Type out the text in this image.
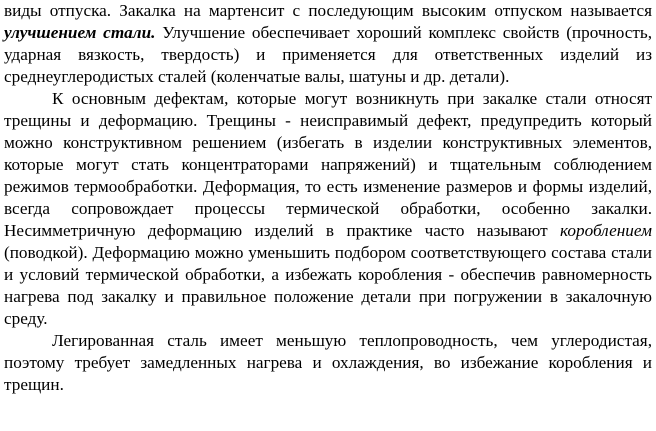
виды отпуска. Закалка на мартенсит с последующим высоким отпуском называется улучшением стали. Улучшение обеспечивает хороший комплекс свойств (прочность, ударная вязкость, твердость) и применяется для ответственных изделий из среднеуглеродистых сталей (коленчатые валы, шатуны и др. детали).

К основным дефектам, которые могут возникнуть при закалке стали относят трещины и деформацию. Трещины - неисправимый дефект, предупредить который можно конструктивном решением (избегать в изделии конструктивных элементов, которые могут стать концентраторами напряжений) и тщательным соблюдением режимов термообработки. Деформация, то есть изменение размеров и формы изделий, всегда сопровождает процессы термической обработки, особенно закалки. Несимметричную деформацию изделий в практике часто называют короблением (поводкой). Деформацию можно уменьшить подбором соответствующего состава стали и условий термической обработки, а избежать коробления - обеспечив равномерность нагрева под закалку и правильное положение детали при погружении в закалочную среду.

Легированная сталь имеет меньшую теплопроводность, чем углеродистая, поэтому требует замедленных нагрева и охлаждения, во избежание коробления и трещин.
